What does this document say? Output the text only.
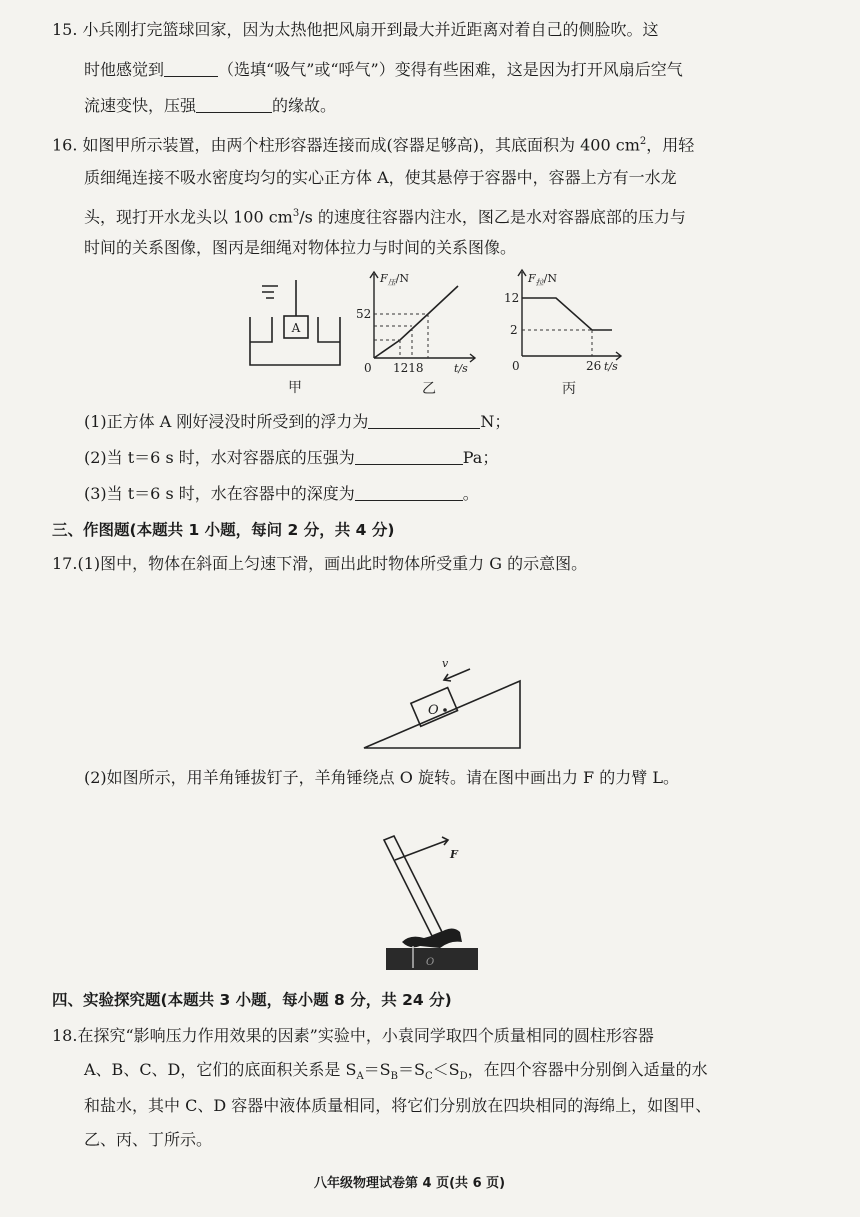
15. 小兵刚打完篮球回家，因为太热他把风扇开到最大并近距离对着自己的侧脸吹。这
时他感觉到	（选填“吸气”或“呼气”）变得有些困难，这是因为打开风扇后空气
流速变快，压强	的缘故。
16. 如图甲所示装置，由两个柱形容器连接而成(容器足够高)，其底面积为 400 $cm^2$，用轻
质细绳连接不吸水密度均匀的实心正方体 A，使其悬停于容器中，容器上方有一水龙
头，现打开水龙头以 100 $cm^3/s$ 的速度往容器内注水，图乙是水对容器底部的压力与
时间的关系图像，图丙是细绳对物体拉力与时间的关系图像。
A
甲
$F_压/N$
52
0 1218	t/s
乙
$F_拉/N$
12
2
0	26 t/s
丙
(1)正方体 A 刚好浸没时所受到的浮力为	N；
(2)当 t＝6 s 时，水对容器底的压强为	Pa；
(3)当 t＝6 s 时，水在容器中的深度为	。
三、作图题(本题共 1 小题，每问 2 分，共 4 分)
17.(1)图中，物体在斜面上匀速下滑，画出此时物体所受重力 G 的示意图。
v
O
(2)如图所示，用羊角锤拔钉子，羊角锤绕点 O 旋转。请在图中画出力 F 的力臂 L。
F
O
四、实验探究题(本题共 3 小题，每小题 8 分，共 24 分)
18.在探究“影响压力作用效果的因素”实验中，小袁同学取四个质量相同的圆柱形容器
A、B、C、D，它们的底面积关系是 $S_A=S_B=S_C<S_D$，在四个容器中分别倒入适量的水
和盐水，其中 C、D 容器中液体质量相同，将它们分别放在四块相同的海绵上，如图甲、
乙、丙、丁所示。
八年级物理试卷第 4 页(共 6 页)
